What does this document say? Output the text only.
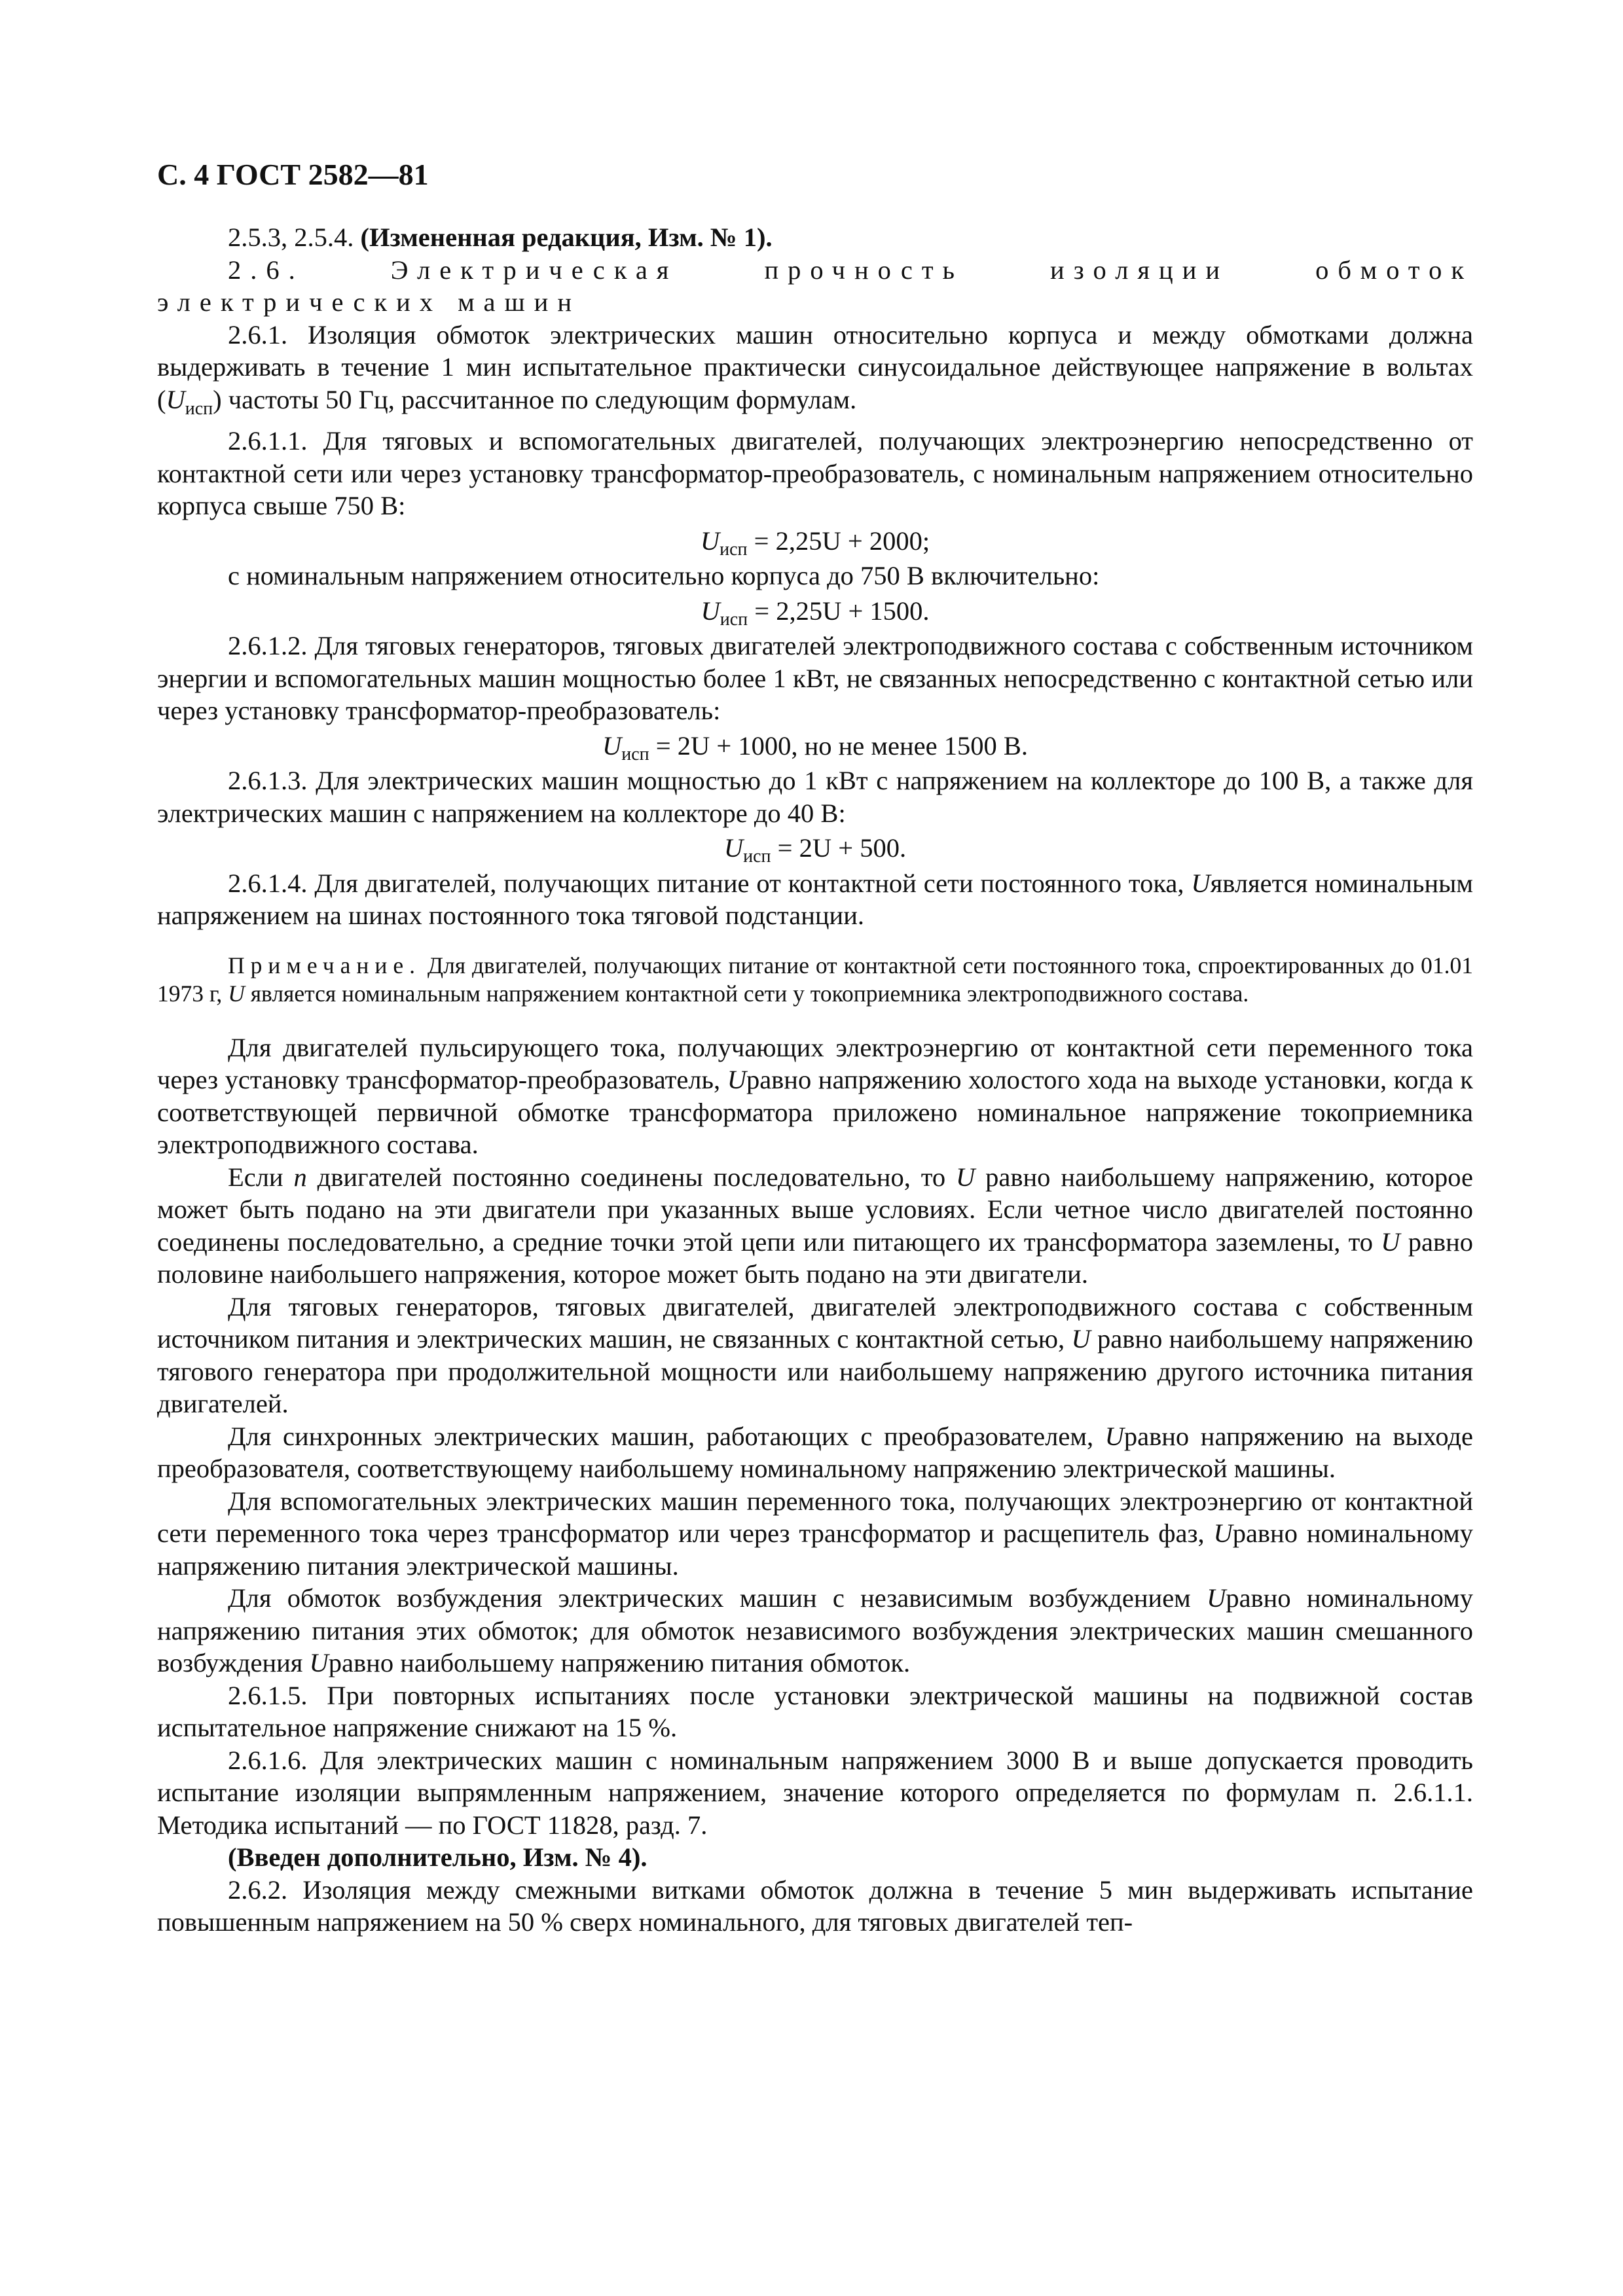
С. 4 ГОСТ 2582—81

2.5.3, 2.5.4. (Измененная редакция, Изм. № 1).

2.6. Электрическая прочность изоляции обмоток электрических машин

2.6.1. Изоляция обмоток электрических машин относительно корпуса и между обмотками должна выдерживать в течение 1 мин испытательное практически синусоидальное действующее напряжение в вольтах $(U_{исп})$ частоты 50 Гц, рассчитанное по следующим формулам.

2.6.1.1. Для тяговых и вспомогательных двигателей, получающих электроэнергию непосредственно от контактной сети или через установку трансформатор-преобразователь, с номинальным напряжением относительно корпуса свыше 750 В:

$U_{исп} = 2,25U + 2000$;

с номинальным напряжением относительно корпуса до 750 В включительно:

$U_{исп} = 2,25U + 1500$.

2.6.1.2. Для тяговых генераторов, тяговых двигателей электроподвижного состава с собственным источником энергии и вспомогательных машин мощностью более 1 кВт, не связанных непосредственно с контактной сетью или через установку трансформатор-преобразователь:

$U_{исп} = 2U + 1000$, но не менее 1500 В.

2.6.1.3. Для электрических машин мощностью до 1 кВт с напряжением на коллекторе до 100 В, а также для электрических машин с напряжением на коллекторе до 40 В:

$U_{исп} = 2U + 500$.

2.6.1.4. Для двигателей, получающих питание от контактной сети постоянного тока, Uявляется номинальным напряжением на шинах постоянного тока тяговой подстанции.

Примечание. Для двигателей, получающих питание от контактной сети постоянного тока, спроектированных до 01.01 1973 г, U является номинальным напряжением контактной сети у токоприемника электроподвижного состава.

Для двигателей пульсирующего тока, получающих электроэнергию от контактной сети переменного тока через установку трансформатор-преобразователь, Uравно напряжению холостого хода на выходе установки, когда к соответствующей первичной обмотке трансформатора приложено номинальное напряжение токоприемника электроподвижного состава.

Если n двигателей постоянно соединены последовательно, то U равно наибольшему напряжению, которое может быть подано на эти двигатели при указанных выше условиях. Если четное число двигателей постоянно соединены последовательно, а средние точки этой цепи или питающего их трансформатора заземлены, то U равно половине наибольшего напряжения, которое может быть подано на эти двигатели.

Для тяговых генераторов, тяговых двигателей, двигателей электроподвижного состава с собственным источником питания и электрических машин, не связанных с контактной сетью, U равно наибольшему напряжению тягового генератора при продолжительной мощности или наибольшему напряжению другого источника питания двигателей.

Для синхронных электрических машин, работающих с преобразователем, Uравно напряжению на выходе преобразователя, соответствующему наибольшему номинальному напряжению электрической машины.

Для вспомогательных электрических машин переменного тока, получающих электроэнергию от контактной сети переменного тока через трансформатор или через трансформатор и расщепитель фаз, Uравно номинальному напряжению питания электрической машины.

Для обмоток возбуждения электрических машин с независимым возбуждением Uравно номинальному напряжению питания этих обмоток; для обмоток независимого возбуждения электрических машин смешанного возбуждения Uравно наибольшему напряжению питания обмоток.

2.6.1.5. При повторных испытаниях после установки электрической машины на подвижной состав испытательное напряжение снижают на 15 %.

2.6.1.6. Для электрических машин с номинальным напряжением 3000 В и выше допускается проводить испытание изоляции выпрямленным напряжением, значение которого определяется по формулам п. 2.6.1.1. Методика испытаний — по ГОСТ 11828, разд. 7.

(Введен дополнительно, Изм. № 4).

2.6.2. Изоляция между смежными витками обмоток должна в течение 5 мин выдерживать испытание повышенным напряжением на 50 % сверх номинального, для тяговых двигателей теп-
